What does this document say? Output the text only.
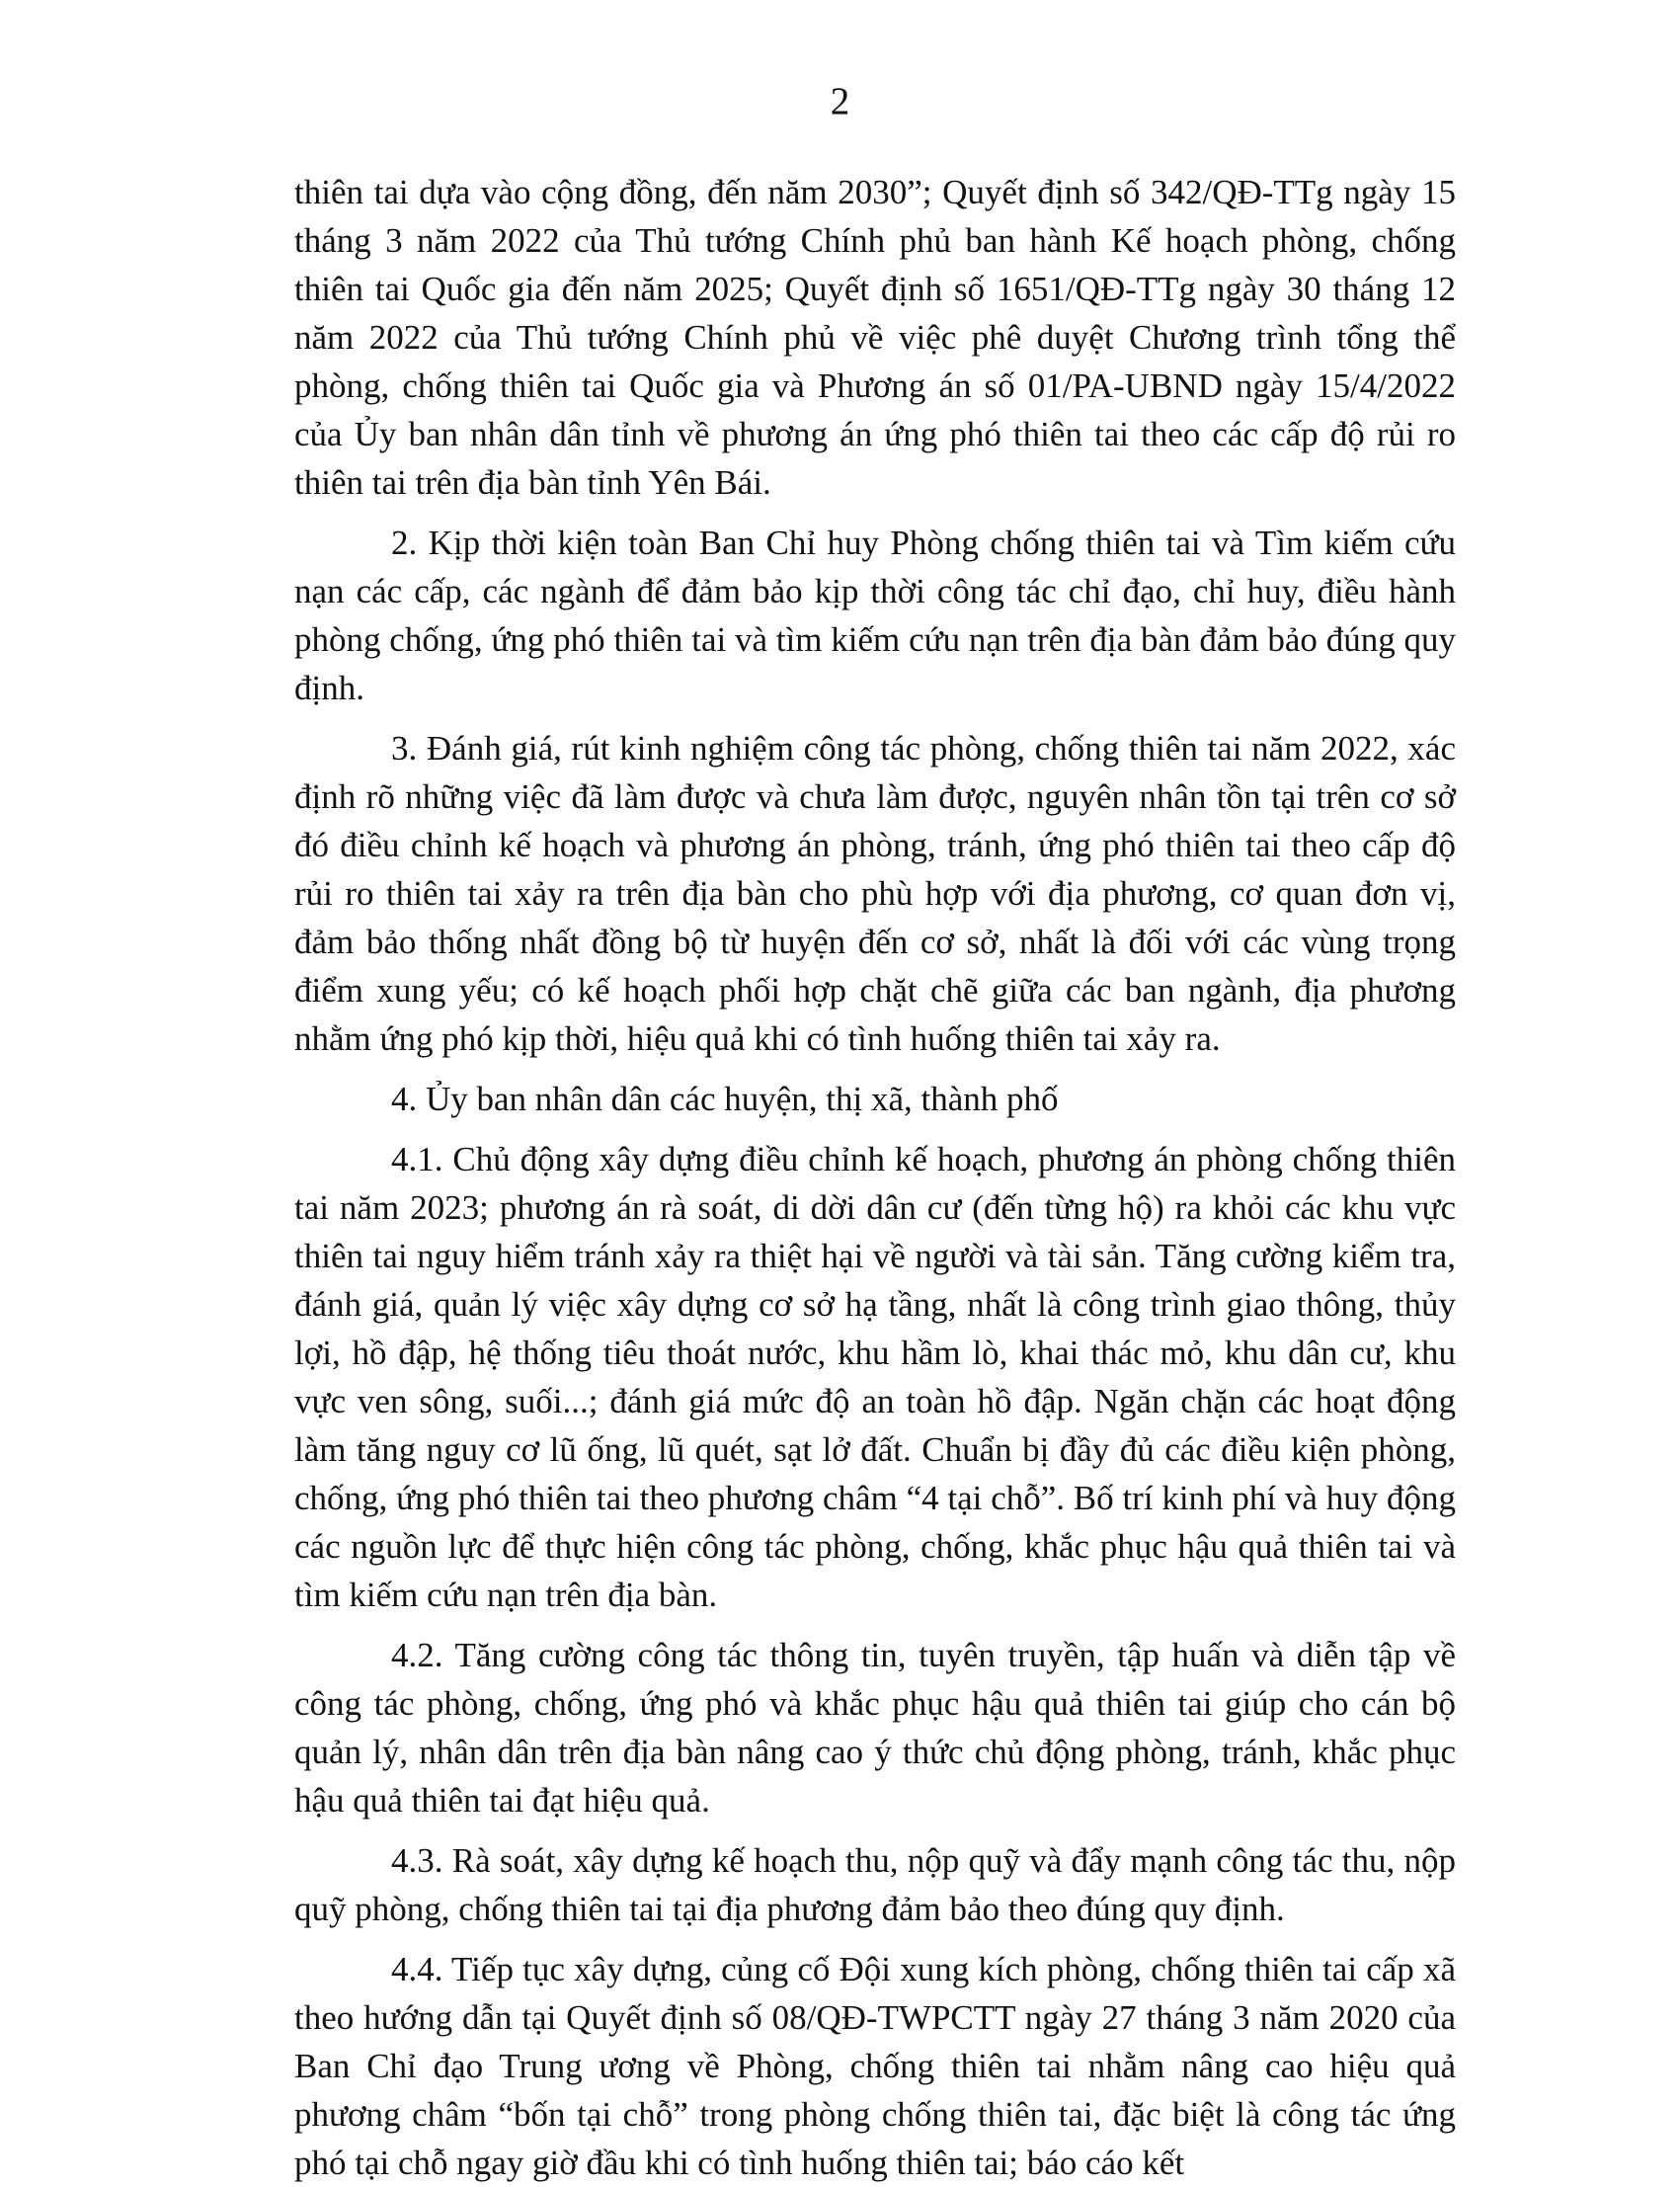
2

thiên tai dựa vào cộng đồng, đến năm 2030”; Quyết định số 342/QĐ-TTg ngày 15 tháng 3 năm 2022 của Thủ tướng Chính phủ ban hành Kế hoạch phòng, chống thiên tai Quốc gia đến năm 2025; Quyết định số 1651/QĐ-TTg ngày 30 tháng 12 năm 2022 của Thủ tướng Chính phủ về việc phê duyệt Chương trình tổng thể phòng, chống thiên tai Quốc gia và Phương án số 01/PA-UBND ngày 15/4/2022 của Ủy ban nhân dân tỉnh về phương án ứng phó thiên tai theo các cấp độ rủi ro thiên tai trên địa bàn tỉnh Yên Bái.

2. Kịp thời kiện toàn Ban Chỉ huy Phòng chống thiên tai và Tìm kiếm cứu nạn các cấp, các ngành để đảm bảo kịp thời công tác chỉ đạo, chỉ huy, điều hành phòng chống, ứng phó thiên tai và tìm kiếm cứu nạn trên địa bàn đảm bảo đúng quy định.

3. Đánh giá, rút kinh nghiệm công tác phòng, chống thiên tai năm 2022, xác định rõ những việc đã làm được và chưa làm được, nguyên nhân tồn tại trên cơ sở đó điều chỉnh kế hoạch và phương án phòng, tránh, ứng phó thiên tai theo cấp độ rủi ro thiên tai xảy ra trên địa bàn cho phù hợp với địa phương, cơ quan đơn vị, đảm bảo thống nhất đồng bộ từ huyện đến cơ sở, nhất là đối với các vùng trọng điểm xung yếu; có kế hoạch phối hợp chặt chẽ giữa các ban ngành, địa phương nhằm ứng phó kịp thời, hiệu quả khi có tình huống thiên tai xảy ra.

4. Ủy ban nhân dân các huyện, thị xã, thành phố

4.1. Chủ động xây dựng điều chỉnh kế hoạch, phương án phòng chống thiên tai năm 2023; phương án rà soát, di dời dân cư (đến từng hộ) ra khỏi các khu vực thiên tai nguy hiểm tránh xảy ra thiệt hại về người và tài sản. Tăng cường kiểm tra, đánh giá, quản lý việc xây dựng cơ sở hạ tầng, nhất là công trình giao thông, thủy lợi, hồ đập, hệ thống tiêu thoát nước, khu hầm lò, khai thác mỏ, khu dân cư, khu vực ven sông, suối...; đánh giá mức độ an toàn hồ đập. Ngăn chặn các hoạt động làm tăng nguy cơ lũ ống, lũ quét, sạt lở đất. Chuẩn bị đầy đủ các điều kiện phòng, chống, ứng phó thiên tai theo phương châm “4 tại chỗ”. Bố trí kinh phí và huy động các nguồn lực để thực hiện công tác phòng, chống, khắc phục hậu quả thiên tai và tìm kiếm cứu nạn trên địa bàn.

4.2. Tăng cường công tác thông tin, tuyên truyền, tập huấn và diễn tập về công tác phòng, chống, ứng phó và khắc phục hậu quả thiên tai giúp cho cán bộ quản lý, nhân dân trên địa bàn nâng cao ý thức chủ động phòng, tránh, khắc phục hậu quả thiên tai đạt hiệu quả.

4.3. Rà soát, xây dựng kế hoạch thu, nộp quỹ và đẩy mạnh công tác thu, nộp quỹ phòng, chống thiên tai tại địa phương đảm bảo theo đúng quy định.

4.4. Tiếp tục xây dựng, củng cố Đội xung kích phòng, chống thiên tai cấp xã theo hướng dẫn tại Quyết định số 08/QĐ-TWPCTT ngày 27 tháng 3 năm 2020 của Ban Chỉ đạo Trung ương về Phòng, chống thiên tai nhằm nâng cao hiệu quả phương châm “bốn tại chỗ” trong phòng chống thiên tai, đặc biệt là công tác ứng phó tại chỗ ngay giờ đầu khi có tình huống thiên tai; báo cáo kết
